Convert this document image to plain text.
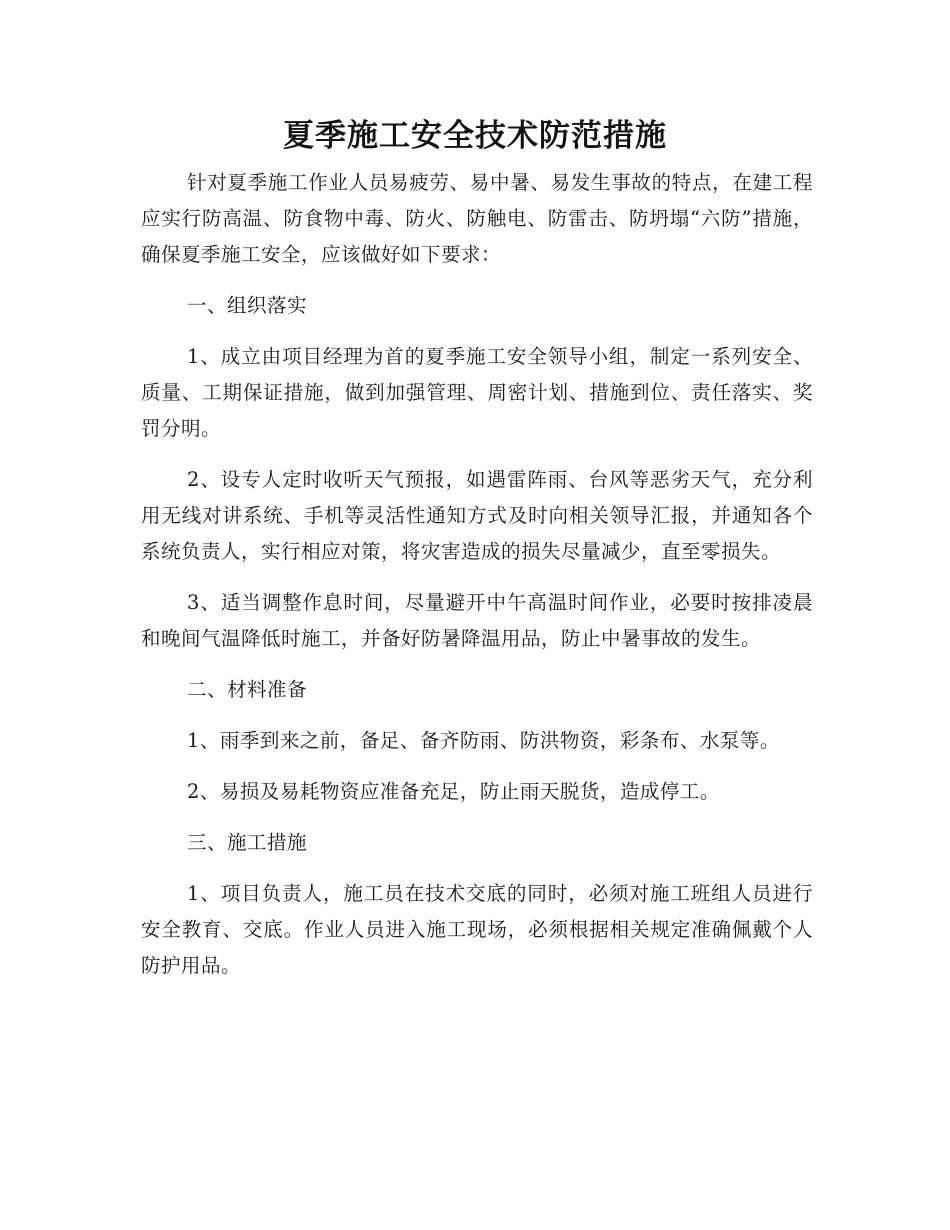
夏季施工安全技术防范措施

针对夏季施工作业人员易疲劳、易中暑、易发生事故的特点，在建工程应实行防高温、防食物中毒、防火、防触电、防雷击、防坍塌“六防”措施，确保夏季施工安全，应该做好如下要求：

一、组织落实

1、成立由项目经理为首的夏季施工安全领导小组，制定一系列安全、质量、工期保证措施，做到加强管理、周密计划、措施到位、责任落实、奖罚分明。

2、设专人定时收听天气预报，如遇雷阵雨、台风等恶劣天气，充分利用无线对讲系统、手机等灵活性通知方式及时向相关领导汇报，并通知各个系统负责人，实行相应对策，将灾害造成的损失尽量减少，直至零损失。

3、适当调整作息时间，尽量避开中午高温时间作业，必要时按排凌晨和晚间气温降低时施工，并备好防暑降温用品，防止中暑事故的发生。

二、材料准备

1、雨季到来之前，备足、备齐防雨、防洪物资，彩条布、水泵等。

2、易损及易耗物资应准备充足，防止雨天脱货，造成停工。

三、施工措施

1、项目负责人，施工员在技术交底的同时，必须对施工班组人员进行安全教育、交底。作业人员进入施工现场，必须根据相关规定准确佩戴个人防护用品。
